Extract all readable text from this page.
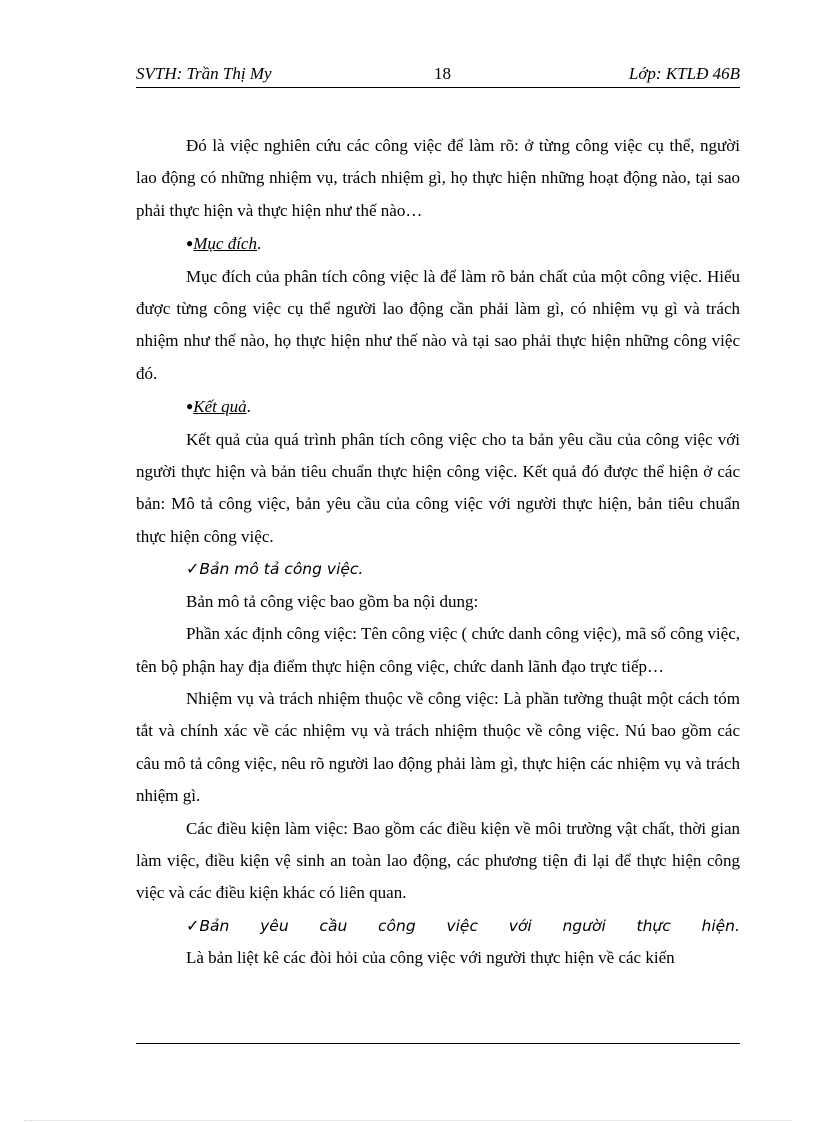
SVTH: Trần Thị My	18	Lớp: KTLĐ 46B

Đó là việc nghiên cứu các công việc để làm rõ: ở từng công việc cụ thể, người lao động có những nhiệm vụ, trách nhiệm gì, họ thực hiện những hoạt động nào, tại sao phải thực hiện và thực hiện như thế nào…

●Mục đích.

Mục đích của phân tích công việc là để làm rõ bản chất của một công việc. Hiểu được từng công việc cụ thể người lao động cần phải làm gì, có nhiệm vụ gì và trách nhiệm như thế nào, họ thực hiện như thế nào và tại sao phải thực hiện những công việc đó.

●Kết quả.

Kết quả của quá trình phân tích công việc cho ta bản yêu cầu của công việc với người thực hiện và bản tiêu chuẩn thực hiện công việc. Kết quả đó được thể hiện ở các bản: Mô tả công việc, bản yêu cầu của công việc với người thực hiện, bản tiêu chuẩn thực hiện công việc.

✓Bản mô tả công việc.

Bản mô tả công việc bao gồm ba nội dung:

Phần xác định công việc: Tên công việc ( chức danh công việc), mã số công việc, tên bộ phận hay địa điểm thực hiện công việc, chức danh lãnh đạo trực tiếp…

Nhiệm vụ và trách nhiệm thuộc về công việc: Là phần tường thuật một cách tóm tắt và chính xác về các nhiệm vụ và trách nhiệm thuộc về công việc. Nú bao gồm các câu mô tả công việc, nêu rõ người lao động phải làm gì, thực hiện các nhiệm vụ và trách nhiệm gì.

Các điều kiện làm việc: Bao gồm các điều kiện về môi trường vật chất, thời gian làm việc, điều kiện vệ sinh an toàn lao động, các phương tiện đi lại để thực hiện công việc và các điều kiện khác có liên quan.

✓Bản yêu cầu công việc với người thực hiện.

Là bản liệt kê các đòi hỏi của công việc với người thực hiện về các kiến
